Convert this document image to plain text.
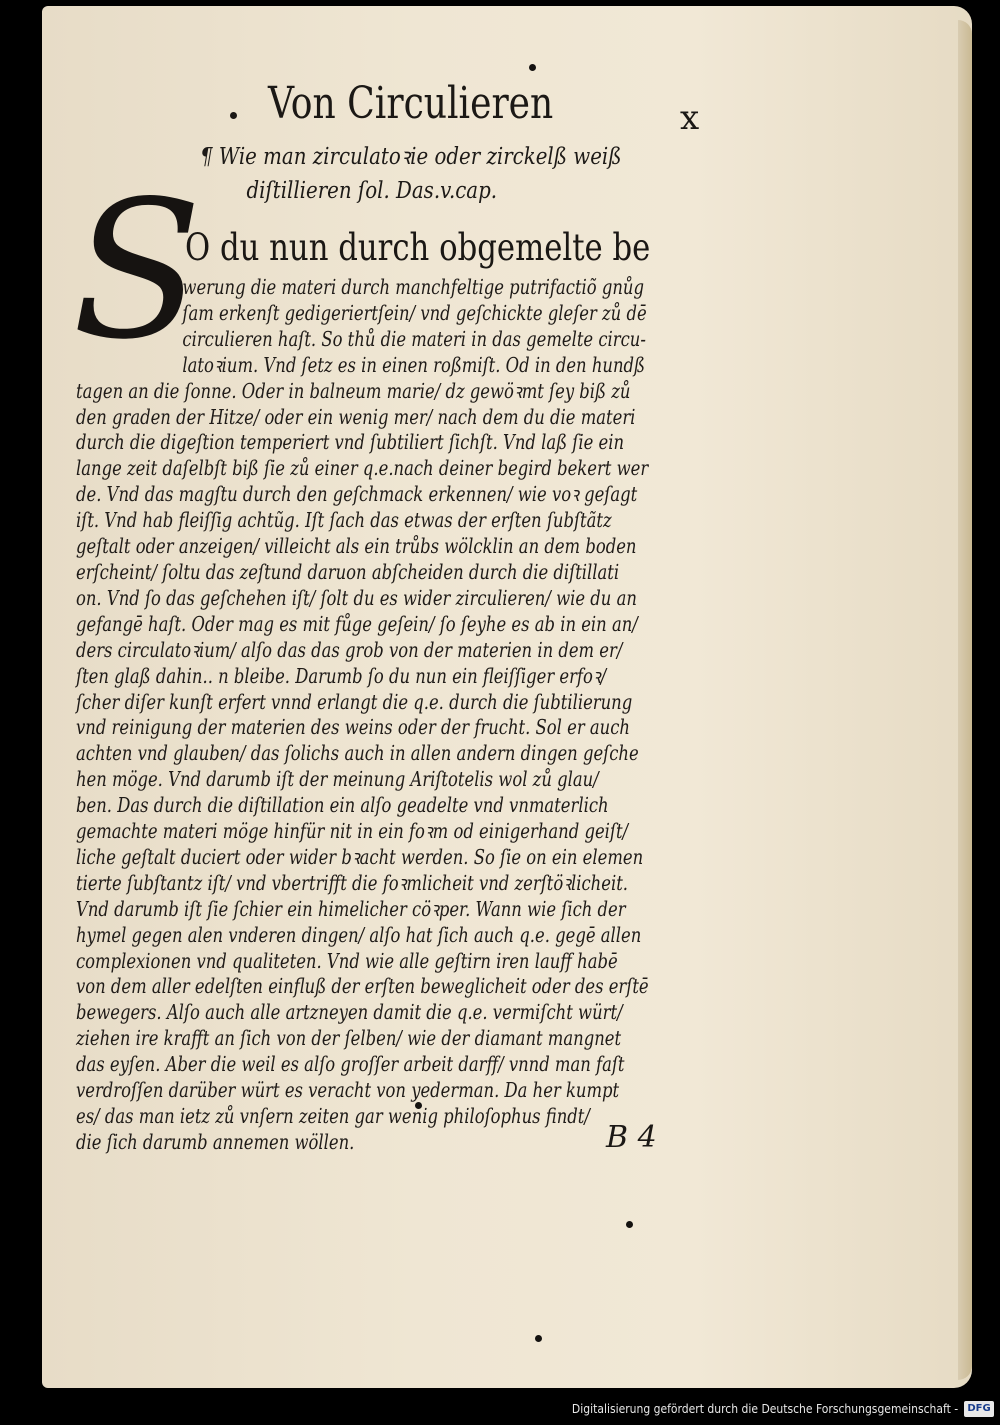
Von Circulieren	x
¶ Wie man zirculatoꝛie oder zirckelß weiß
diſtillieren ſol. Das.v.cap.
S
O du nun durch obgemelte be
werung die materi durch manchfeltige putrifactiõ gnůg
ſam erkenſt gedigeriertſein/ vnd geſchickte gleſer zů dē
circulieren haſt. So thů die materi in das gemelte circu-
latoꝛium. Vnd ſetz es in einen roßmiſt. Od in den hundß
tagen an die ſonne. Oder in balneum marie/ dz gewöꝛmt ſey biß zů
den graden der Hitze/ oder ein wenig mer/ nach dem du die materi
durch die digeſtion temperiert vnd ſubtiliert ſichſt. Vnd laß ſie ein
lange zeit daſelbſt biß ſie zů einer q.e.nach deiner begird bekert wer
de. Vnd das magſtu durch den geſchmack erkennen/ wie voꝛ geſagt
iſt. Vnd hab fleiſſig achtũg. Iſt ſach das etwas der erſten ſubſtãtz
geſtalt oder anzeigen/ villeicht als ein trůbs wölcklin an dem boden
erſcheint/ ſoltu das zeſtund daruon abſcheiden durch die diſtillati
on. Vnd ſo das geſchehen iſt/ ſolt du es wider zirculieren/ wie du an
gefangē haſt. Oder mag es mit fůge geſein/ ſo ſeyhe es ab in ein an/
ders circulatoꝛium/ alſo das das grob von der materien in dem er/
ſten glaß dahin.. n bleibe. Darumb ſo du nun ein fleiſſiger erfoꝛ/
ſcher diſer kunſt erfert vnnd erlangt die q.e. durch die ſubtilierung
vnd reinigung der materien des weins oder der frucht. Sol er auch
achten vnd glauben/ das ſolichs auch in allen andern dingen geſche
hen möge. Vnd darumb iſt der meinung Ariſtotelis wol zů glau/
ben. Das durch die diſtillation ein alſo geadelte vnd vnmaterlich
gemachte materi möge hinfür nit in ein foꝛm od einigerhand geiſt/
liche geſtalt duciert oder wider bꝛacht werden. So ſie on ein elemen
tierte ſubſtantz iſt/ vnd vbertrifft die foꝛmlicheit vnd zerſtöꝛlicheit.
Vnd darumb iſt ſie ſchier ein himelicher cöꝛper. Wann wie ſich der
hymel gegen alen vnderen dingen/ alſo hat ſich auch q.e. gegē allen
complexionen vnd qualiteten. Vnd wie alle geſtirn iren lauff habē
von dem aller edelſten einfluß der erſten beweglicheit oder des erſtē
bewegers. Alſo auch alle artzneyen damit die q.e. vermiſcht würt/
ziehen ire krafft an ſich von der ſelben/ wie der diamant mangnet
das eyſen. Aber die weil es alſo groſſer arbeit darff/ vnnd man faſt
verdroſſen darüber würt es veracht von yederman. Da her kumpt
es/ das man ietz zů vnſern zeiten gar wenig philoſophus findt/
die ſich darumb annemen wöllen.	B 4
Digitalisierung gefördert durch die Deutsche Forschungsgemeinschaft - DFG
